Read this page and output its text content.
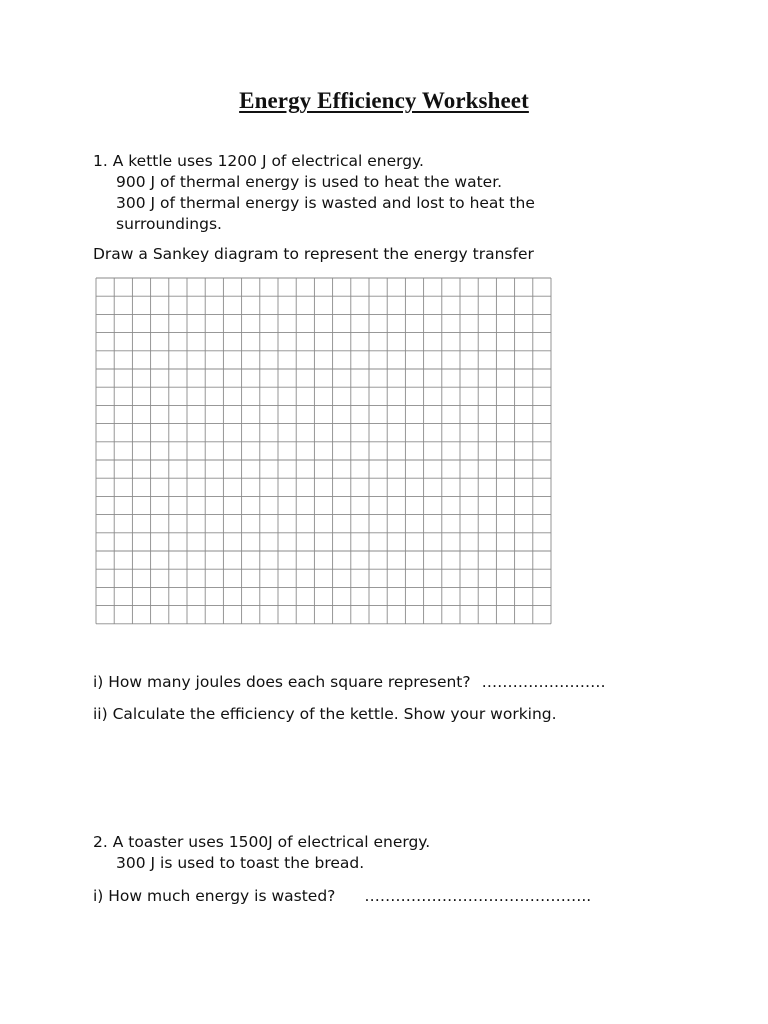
Energy Efficiency Worksheet
1. A kettle uses 1200 J of electrical energy.
900 J of thermal energy is used to heat the water.
300 J of thermal energy is wasted and lost to heat the
surroundings.
Draw a Sankey diagram to represent the energy transfer
i) How many joules does each square represent? ……………………
ii) Calculate the efficiency of the kettle. Show your working.
2. A toaster uses 1500J of electrical energy.
300 J is used to toast the bread.
i) How much energy is wasted? ……………………………………..
